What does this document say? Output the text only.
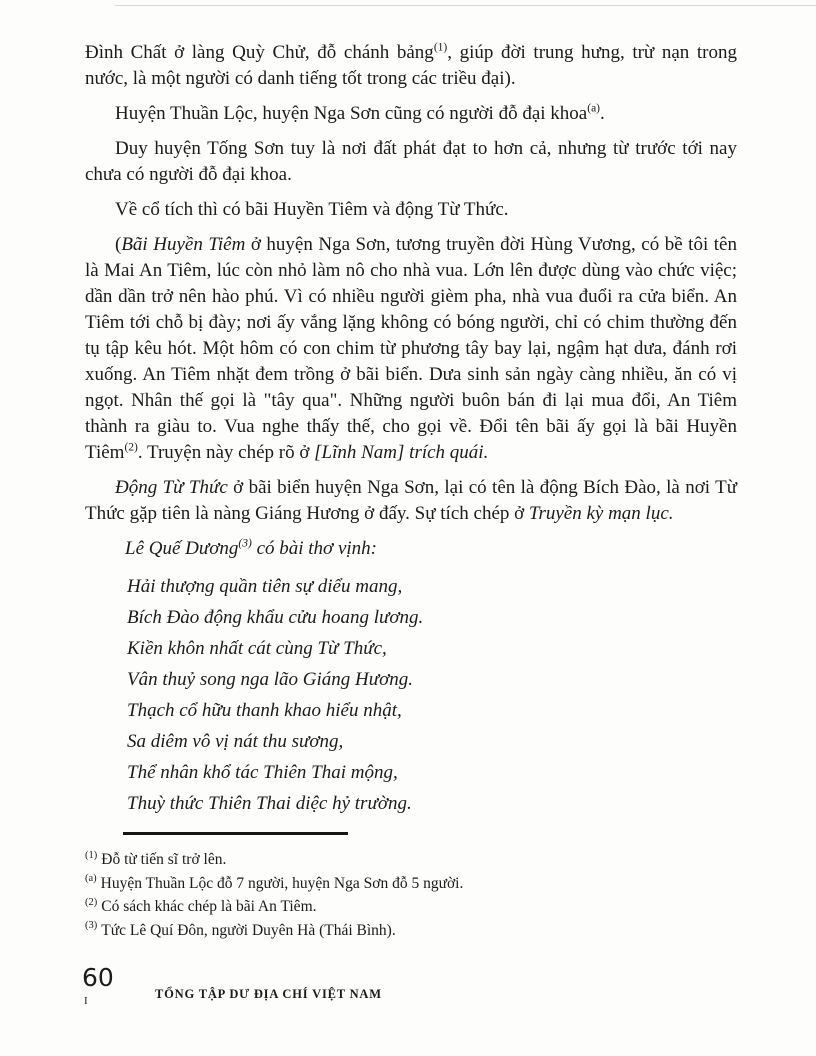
Đình Chất ở làng Quỳ Chử, đỗ chánh bảng$^{(1)}$, giúp đời trung hưng, trừ nạn trong nước, là một người có danh tiếng tốt trong các triều đại).

Huyện Thuần Lộc, huyện Nga Sơn cũng có người đỗ đại khoa$^{(a)}$.

Duy huyện Tống Sơn tuy là nơi đất phát đạt to hơn cả, nhưng từ trước tới nay chưa có người đỗ đại khoa.

Về cổ tích thì có bãi Huyền Tiêm và động Từ Thức.

(Bãi Huyền Tiêm ở huyện Nga Sơn, tương truyền đời Hùng Vương, có bề tôi tên là Mai An Tiêm, lúc còn nhỏ làm nô cho nhà vua. Lớn lên được dùng vào chức việc; dần dần trở nên hào phú. Vì có nhiều người gièm pha, nhà vua đuổi ra cửa biển. An Tiêm tới chỗ bị đày; nơi ấy vắng lặng không có bóng người, chỉ có chim thường đến tụ tập kêu hót. Một hôm có con chim từ phương tây bay lại, ngậm hạt dưa, đánh rơi xuống. An Tiêm nhặt đem trồng ở bãi biển. Dưa sinh sản ngày càng nhiều, ăn có vị ngọt. Nhân thế gọi là "tây qua". Những người buôn bán đi lại mua đổi, An Tiêm thành ra giàu to. Vua nghe thấy thế, cho gọi về. Đổi tên bãi ấy gọi là bãi Huyền Tiêm$^{(2)}$. Truyện này chép rõ ở [Lĩnh Nam] trích quái.

Động Từ Thức ở bãi biển huyện Nga Sơn, lại có tên là động Bích Đào, là nơi Từ Thức gặp tiên là nàng Giáng Hương ở đấy. Sự tích chép ở Truyền kỳ mạn lục.

Lê Quế Dương$^{(3)}$ có bài thơ vịnh:

Hải thượng quần tiên sự diểu mang,

Bích Đào động khẩu cửu hoang lương.

Kiền khôn nhất cát cùng Từ Thức,

Vân thuỷ song nga lão Giáng Hương.

Thạch cổ hữu thanh khao hiểu nhật,

Sa diêm vô vị nát thu sương,

Thể nhân khổ tác Thiên Thai mộng,

Thuỳ thức Thiên Thai diệc hỷ trường.

$^{(1)}$ Đỗ từ tiến sĩ trở lên.

$^{(a)}$ Huyện Thuần Lộc đỗ 7 người, huyện Nga Sơn đỗ 5 người.

$^{(2)}$ Có sách khác chép là bãi An Tiêm.

$^{(3)}$ Tức Lê Quí Đôn, người Duyên Hà (Thái Bình).

60
I	TỔNG TẬP DƯ ĐỊA CHÍ VIỆT NAM
